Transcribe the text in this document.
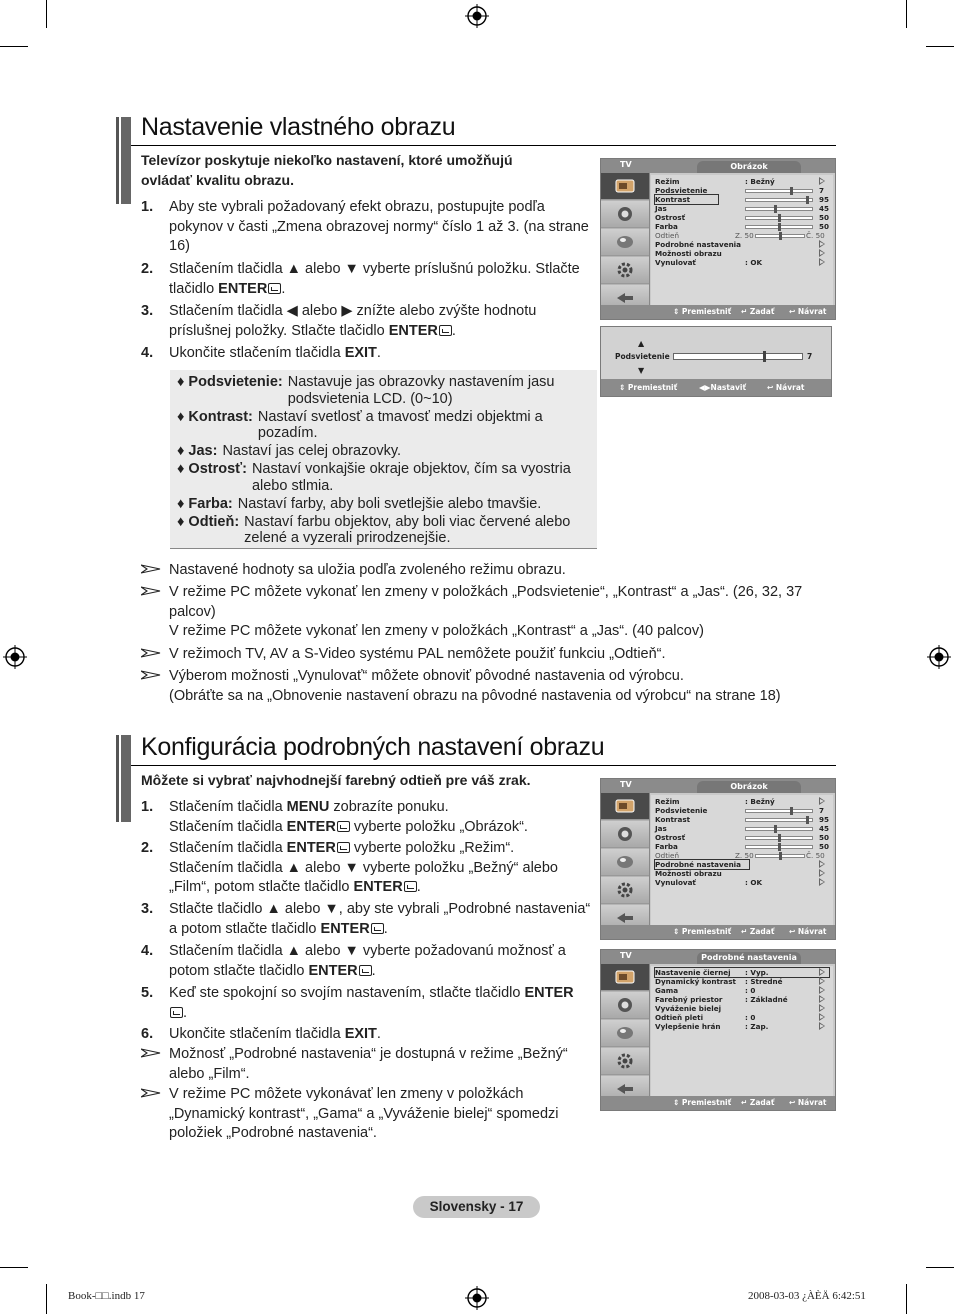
Nastavenie vlastného obrazu

Televízor poskytuje niekoľko nastavení, ktoré umožňujú ovládať kvalitu obrazu.

1. Aby ste vybrali požadovaný efekt obrazu, postupujte podľa pokynov v časti „Zmena obrazovej normy“ číslo 1 až 3. (na strane 16)
2. Stlačením tlačidla ▲ alebo ▼ vyberte príslušnú položku. Stlačte tlačidlo ENTER .
3. Stlačením tlačidla ◀ alebo ▶ znížte alebo zvýšte hodnotu príslušnej položky. Stlačte tlačidlo ENTER .
4. Ukončite stlačením tlačidla EXIT.
♦ Podsvietenie: Nastavuje jas obrazovky nastavením jasu podsvietenia LCD. (0~10)
♦ Kontrast: Nastaví svetlosť a tmavosť medzi objektmi a pozadím.
♦ Jas: Nastaví jas celej obrazovky.
♦ Ostrosť: Nastaví vonkajšie okraje objektov, čím sa vyostria alebo stlmia.
♦ Farba: Nastaví farby, aby boli svetlejšie alebo tmavšie.
♦ Odtieň: Nastaví farbu objektov, aby boli viac červené alebo zelené a vyzerali prirodzenejšie.
Nastavené hodnoty sa uložia podľa zvoleného režimu obrazu.
V režime PC môžete vykonať len zmeny v položkách „Podsvietenie“, „Kontrast“ a „Jas“. (26, 32, 37 palcov)
V režime PC môžete vykonať len zmeny v položkách „Kontrast“ a „Jas“. (40 palcov)
V režimoch TV, AV a S-Video systému PAL nemôžete použiť funkciu „Odtieň“.
Výberom možnosti „Vynulovať“ môžete obnoviť pôvodné nastavenia od výrobcu.
(Obráťte sa na „Obnovenie nastavení obrazu na pôvodné nastavenia od výrobcu“ na strane 18)
TV	Obrázok
Režim	: Bežný
Podsvietenie	7
Kontrast	95
Jas	45
Ostrosť	50
Farba	50
Odtieň	Z. 50	Č. 50
Podrobné nastavenia
Možnosti obrazu
Vynulovať	: OK
⇕ Premiestniť ↵ Zadať ↩ Návrat
▲
Podsvietenie	7
▼
⇕ Premiestniť	◀▶Nastaviť	↩ Návrat
Konfigurácia podrobných nastavení obrazu

Môžete si vybrať najvhodnejší farebný odtieň pre váš zrak.

1. Stlačením tlačidla MENU zobrazíte ponuku.
Stlačením tlačidla ENTER vyberte položku „Obrázok“.
2. Stlačením tlačidla ENTER vyberte položku „Režim“.
Stlačením tlačidla ▲ alebo ▼ vyberte položku „Bežný“ alebo „Film“, potom stlačte tlačidlo ENTER .
3. Stlačte tlačidlo ▲ alebo ▼, aby ste vybrali „Podrobné nastavenia“ a potom stlačte tlačidlo ENTER .
4. Stlačením tlačidla ▲ alebo ▼ vyberte požadovanú možnosť a potom stlačte tlačidlo ENTER .
5. Keď ste spokojní so svojím nastavením, stlačte tlačidlo ENTER
.
6. Ukončite stlačením tlačidla EXIT.
Možnosť „Podrobné nastavenia“ je dostupná v režime „Bežný“ alebo „Film“.
V režime PC môžete vykonávať len zmeny v položkách „Dynamický kontrast“, „Gama“ a „Vyváženie bielej“ spomedzi položiek „Podrobné nastavenia“.
TV	Obrázok
Režim	: Bežný
Podsvietenie	7
Kontrast	95
Jas	45
Ostrosť	50
Farba	50
Odtieň	Z. 50	Č. 50
Podrobné nastavenia
Možnosti obrazu
Vynulovať	: OK
⇕ Premiestniť ↵ Zadať ↩ Návrat
TV	Podrobné nastavenia
Nastavenie čiernej : Vyp.
Dynamický kontrast : Stredné
Gama	: 0
Farebný priestor	: Základné
Vyváženie bielej
Odtieň pleti	: 0
Vylepšenie hrán	: Zap.
⇕ Premiestniť ↵ Zadať ↩ Návrat
Slovensky - 17
Book-□□.indb 17	2008-03-03 ¿ÀÈÄ 6:42:51
